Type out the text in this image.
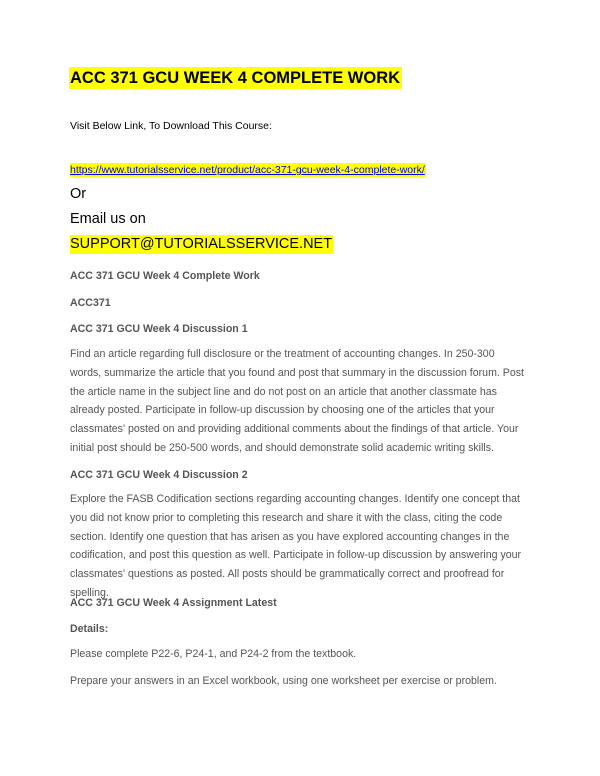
ACC 371 GCU WEEK 4 COMPLETE WORK
Visit Below Link, To Download This Course:
https://www.tutorialsservice.net/product/acc-371-gcu-week-4-complete-work/
Or
Email us on
SUPPORT@TUTORIALSSERVICE.NET
ACC 371 GCU Week 4 Complete Work
ACC371
ACC 371 GCU Week 4 Discussion 1

Find an article regarding full disclosure or the treatment of accounting changes. In 250-300 words, summarize the article that you found and post that summary in the discussion forum. Post the article name in the subject line and do not post on an article that another classmate has already posted. Participate in follow-up discussion by choosing one of the articles that your classmates' posted on and providing additional comments about the findings of that article. Your initial post should be 250-500 words, and should demonstrate solid academic writing skills.

ACC 371 GCU Week 4 Discussion 2

Explore the FASB Codification sections regarding accounting changes. Identify one concept that you did not know prior to completing this research and share it with the class, citing the code section. Identify one question that has arisen as you have explored accounting changes in the codification, and post this question as well. Participate in follow-up discussion by answering your classmates' questions as posted. All posts should be grammatically correct and proofread for spelling.

ACC 371 GCU Week 4 Assignment Latest
Details:
Please complete P22-6, P24-1, and P24-2 from the textbook.
Prepare your answers in an Excel workbook, using one worksheet per exercise or problem.
